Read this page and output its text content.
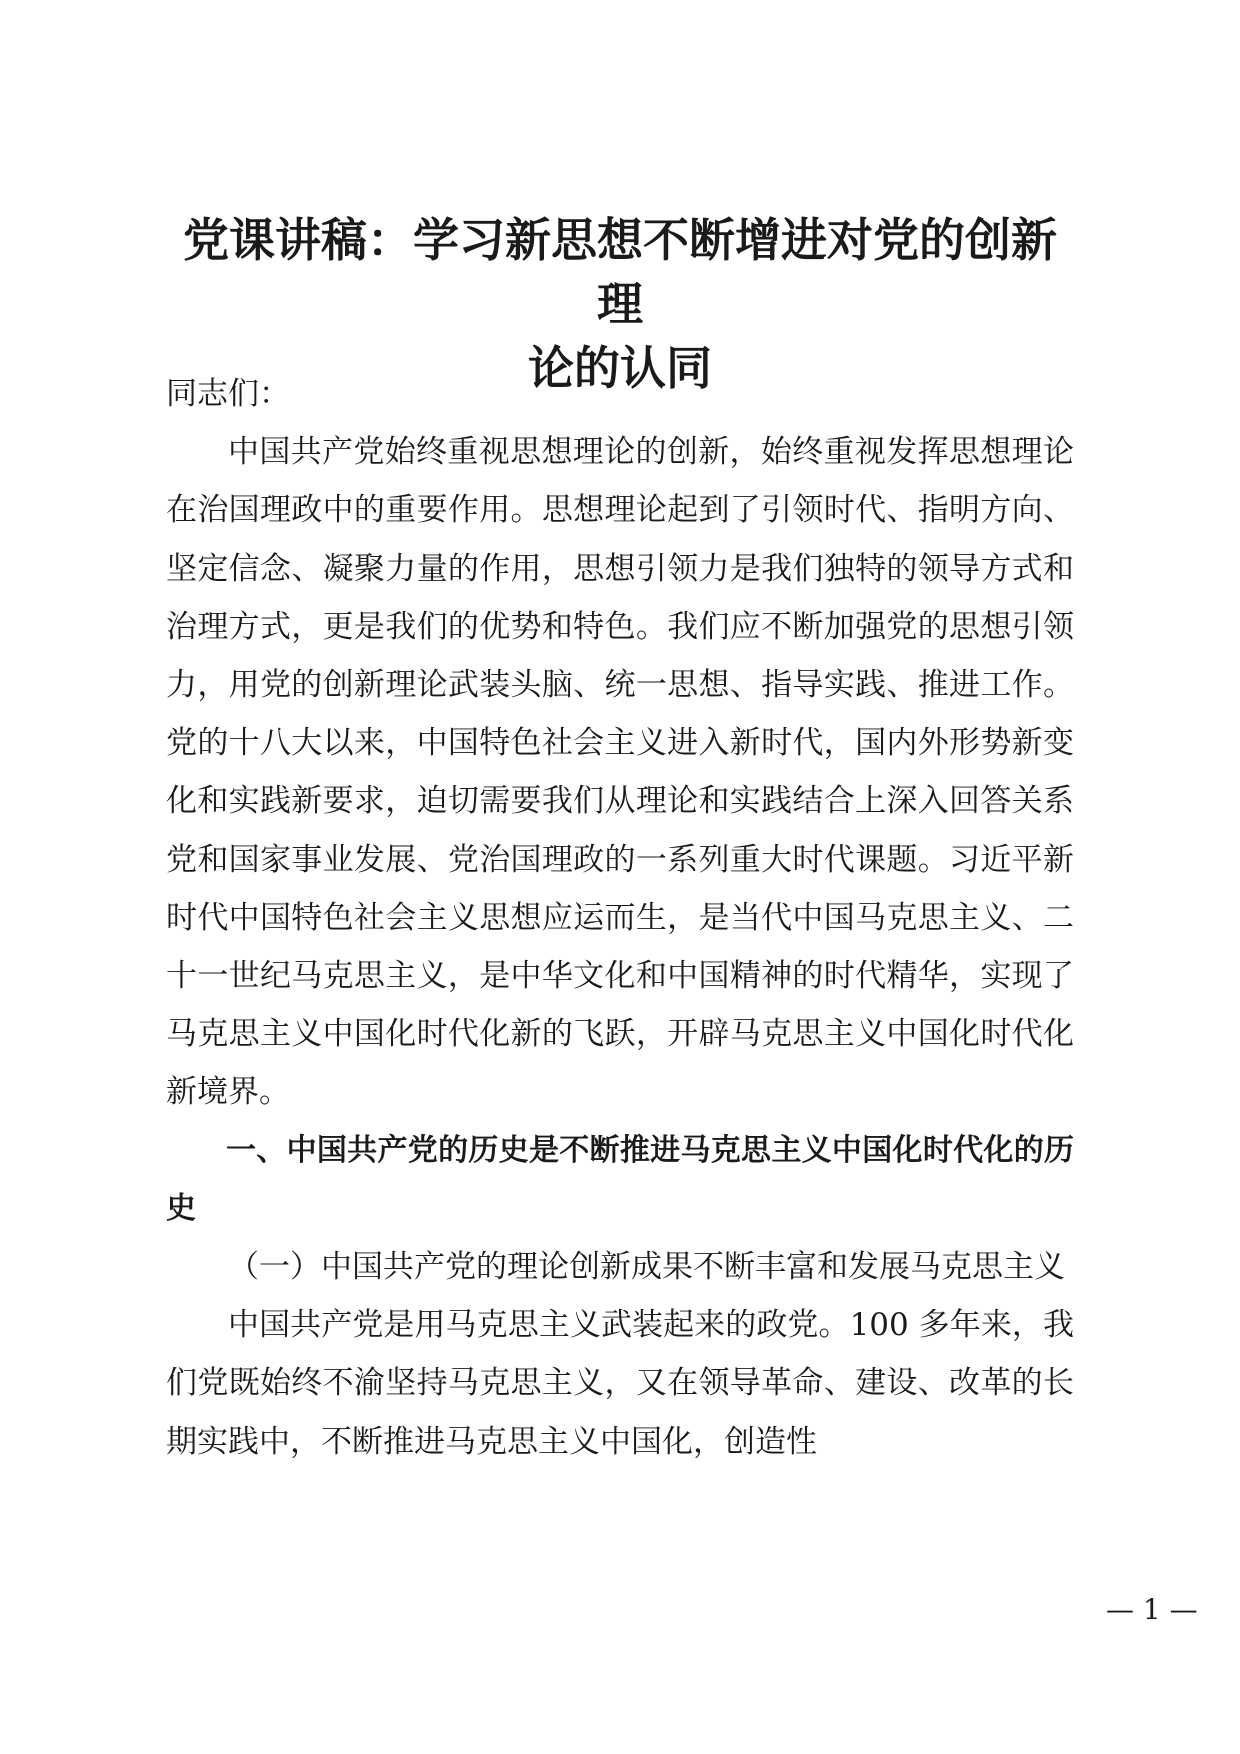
党课讲稿：学习新思想不断增进对党的创新理
论的认同

同志们：

中国共产党始终重视思想理论的创新，始终重视发挥思想理论在治国理政中的重要作用。思想理论起到了引领时代、指明方向、坚定信念、凝聚力量的作用，思想引领力是我们独特的领导方式和治理方式，更是我们的优势和特色。我们应不断加强党的思想引领力，用党的创新理论武装头脑、统一思想、指导实践、推进工作。党的十八大以来，中国特色社会主义进入新时代，国内外形势新变化和实践新要求，迫切需要我们从理论和实践结合上深入回答关系党和国家事业发展、党治国理政的一系列重大时代课题。习近平新时代中国特色社会主义思想应运而生，是当代中国马克思主义、二十一世纪马克思主义，是中华文化和中国精神的时代精华，实现了马克思主义中国化时代化新的飞跃，开辟马克思主义中国化时代化新境界。

一、中国共产党的历史是不断推进马克思主义中国化时代化的历史

（一）中国共产党的理论创新成果不断丰富和发展马克思主义

中国共产党是用马克思主义武装起来的政党。100 多年来，我们党既始终不渝坚持马克思主义，又在领导革命、建设、改革的长期实践中，不断推进马克思主义中国化，创造性

— 1 —
